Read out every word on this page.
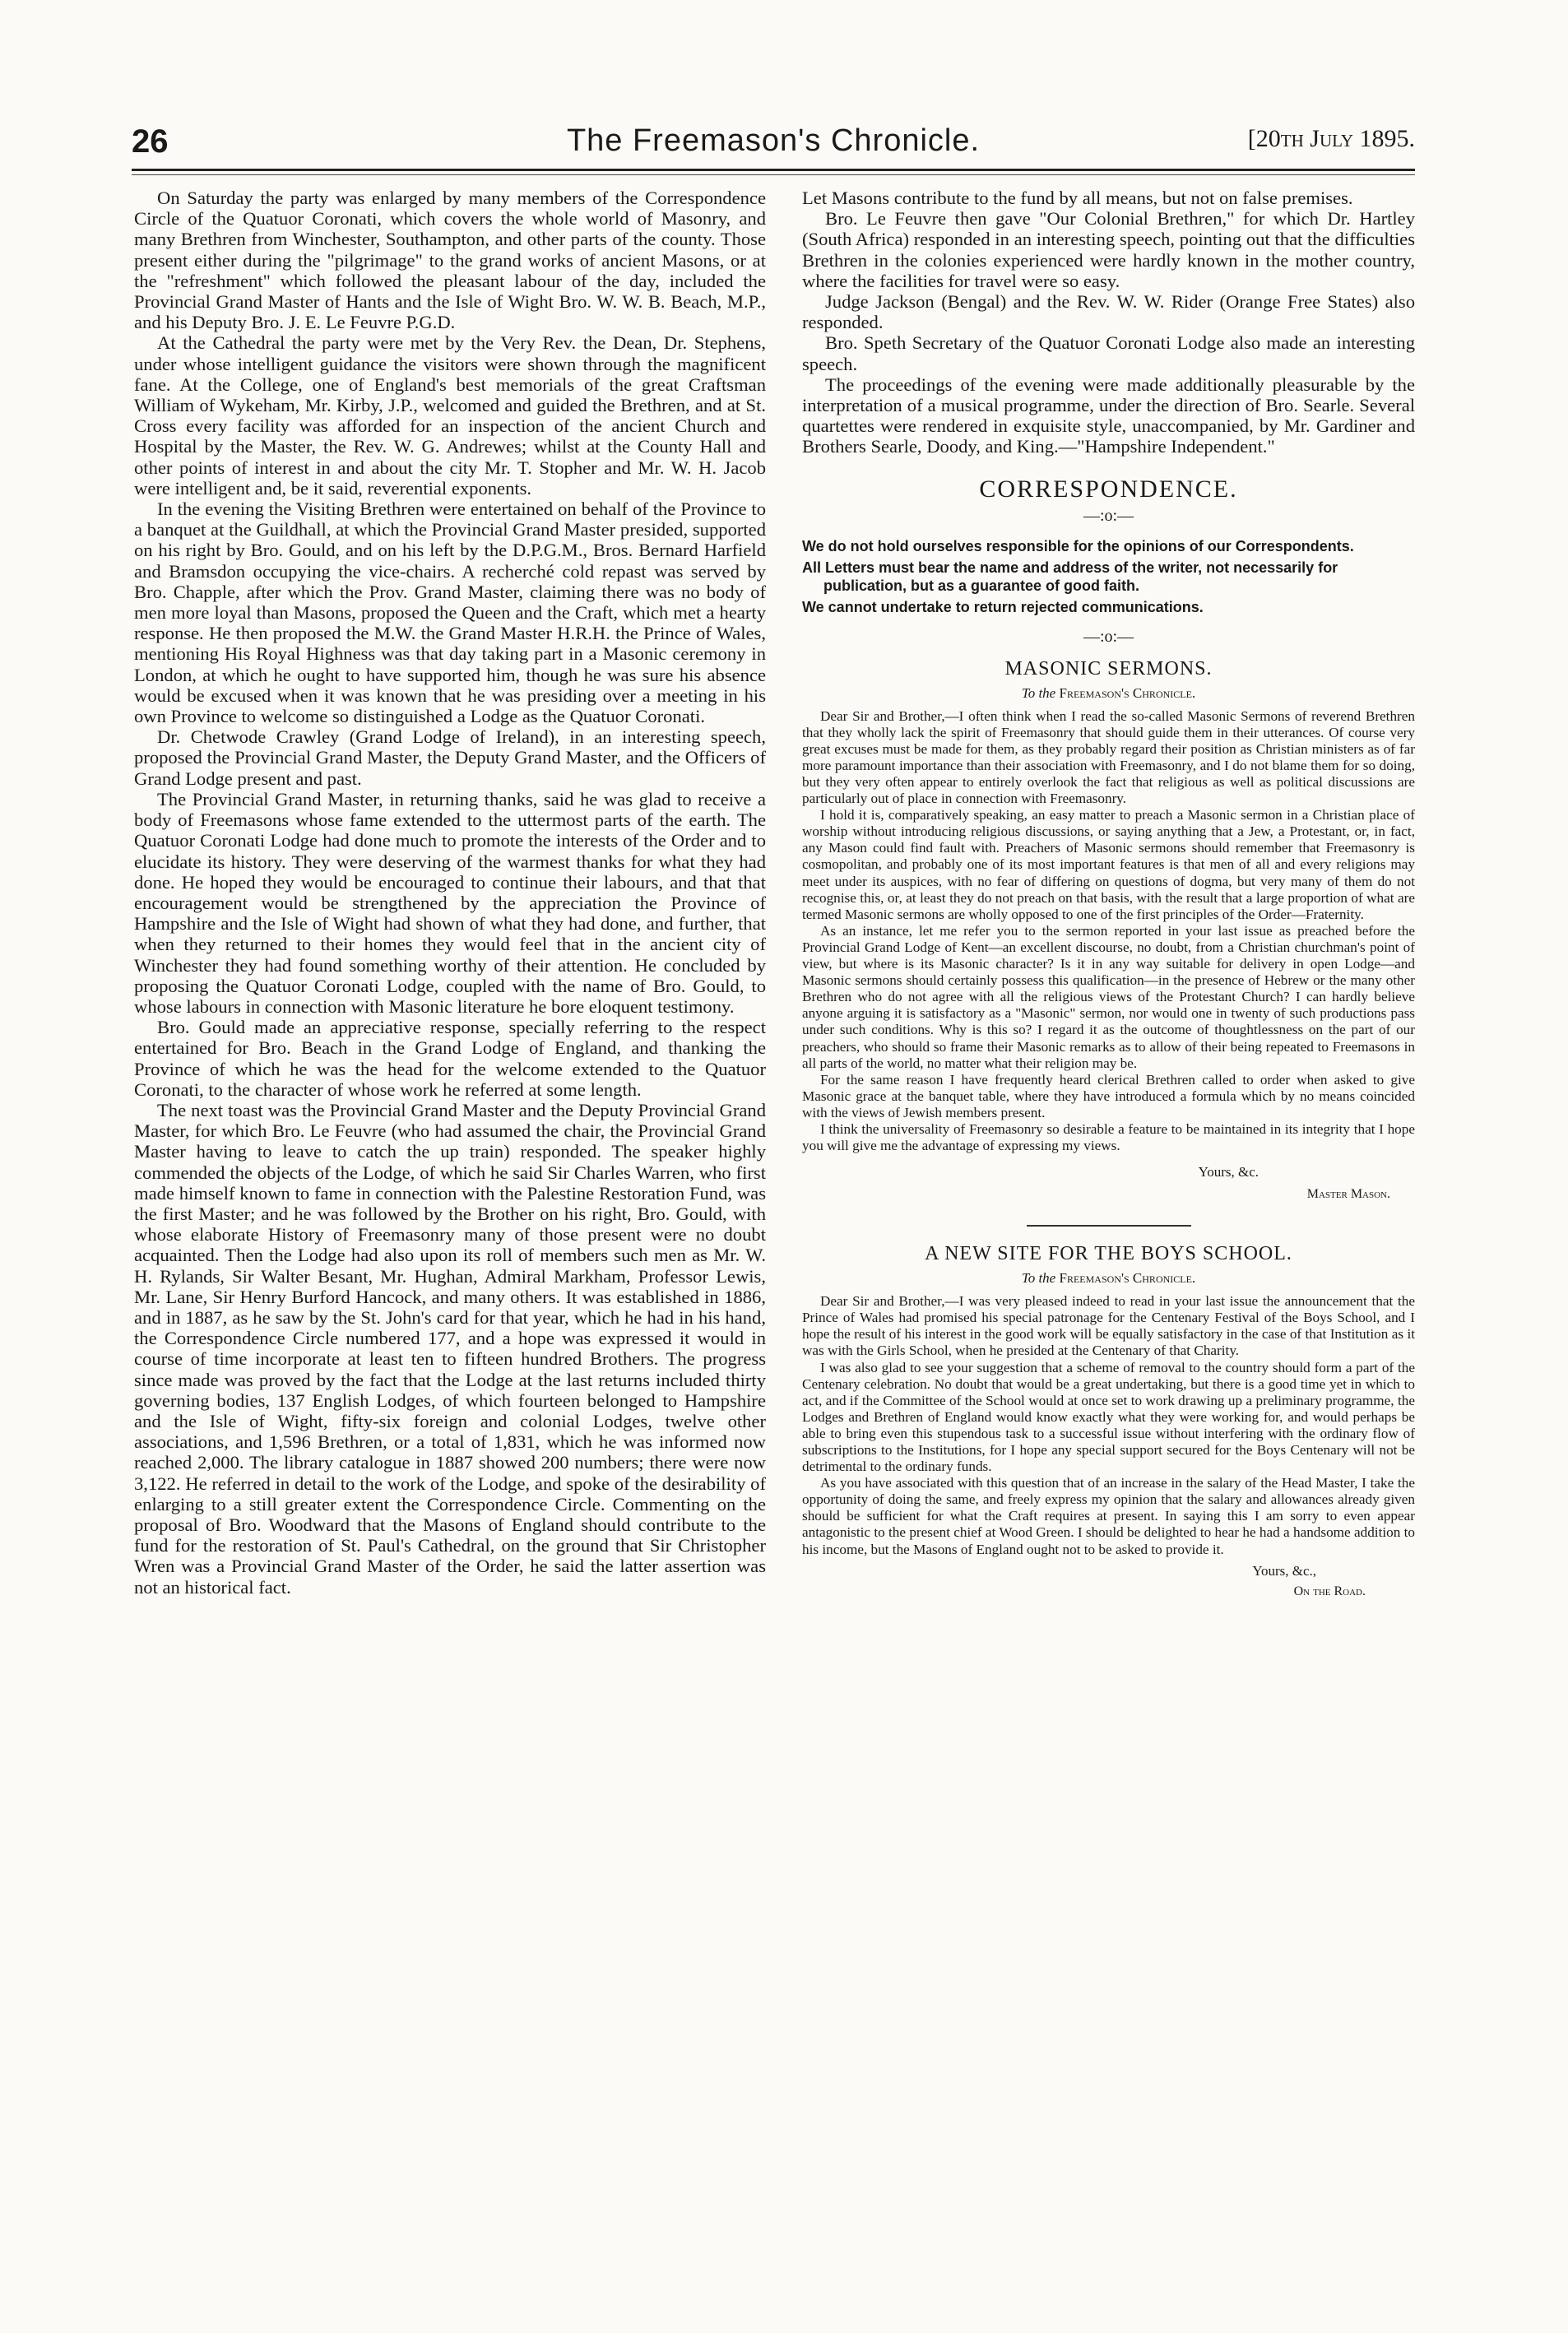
26	The Freemason's Chronicle.	[20th July 1895.

On Saturday the party was enlarged by many members of the Correspondence Circle of the Quatuor Coronati, which covers the whole world of Masonry, and many Brethren from Winchester, Southampton, and other parts of the county. Those present either during the "pilgrimage" to the grand works of ancient Masons, or at the "refreshment" which followed the pleasant labour of the day, included the Provincial Grand Master of Hants and the Isle of Wight Bro. W. W. B. Beach, M.P., and his Deputy Bro. J. E. Le Feuvre P.G.D.

At the Cathedral the party were met by the Very Rev. the Dean, Dr. Stephens, under whose intelligent guidance the visitors were shown through the magnificent fane. At the College, one of England's best memorials of the great Craftsman William of Wykeham, Mr. Kirby, J.P., welcomed and guided the Brethren, and at St. Cross every facility was afforded for an inspection of the ancient Church and Hospital by the Master, the Rev. W. G. Andrewes; whilst at the County Hall and other points of interest in and about the city Mr. T. Stopher and Mr. W. H. Jacob were intelligent and, be it said, reverential exponents.

In the evening the Visiting Brethren were entertained on behalf of the Province to a banquet at the Guildhall, at which the Provincial Grand Master presided, supported on his right by Bro. Gould, and on his left by the D.P.G.M., Bros. Bernard Harfield and Bramsdon occupying the vice-chairs. A recherché cold repast was served by Bro. Chapple, after which the Prov. Grand Master, claiming there was no body of men more loyal than Masons, proposed the Queen and the Craft, which met a hearty response. He then proposed the M.W. the Grand Master H.R.H. the Prince of Wales, mentioning His Royal Highness was that day taking part in a Masonic ceremony in London, at which he ought to have supported him, though he was sure his absence would be excused when it was known that he was presiding over a meeting in his own Province to welcome so distinguished a Lodge as the Quatuor Coronati.

Dr. Chetwode Crawley (Grand Lodge of Ireland), in an interesting speech, proposed the Provincial Grand Master, the Deputy Grand Master, and the Officers of Grand Lodge present and past.

The Provincial Grand Master, in returning thanks, said he was glad to receive a body of Freemasons whose fame extended to the uttermost parts of the earth. The Quatuor Coronati Lodge had done much to promote the interests of the Order and to elucidate its history. They were deserving of the warmest thanks for what they had done. He hoped they would be encouraged to continue their labours, and that that encouragement would be strengthened by the appreciation the Province of Hampshire and the Isle of Wight had shown of what they had done, and further, that when they returned to their homes they would feel that in the ancient city of Winchester they had found something worthy of their attention. He concluded by proposing the Quatuor Coronati Lodge, coupled with the name of Bro. Gould, to whose labours in connection with Masonic literature he bore eloquent testimony.

Bro. Gould made an appreciative response, specially referring to the respect entertained for Bro. Beach in the Grand Lodge of England, and thanking the Province of which he was the head for the welcome extended to the Quatuor Coronati, to the character of whose work he referred at some length.

The next toast was the Provincial Grand Master and the Deputy Provincial Grand Master, for which Bro. Le Feuvre (who had assumed the chair, the Provincial Grand Master having to leave to catch the up train) responded. The speaker highly commended the objects of the Lodge, of which he said Sir Charles Warren, who first made himself known to fame in connection with the Palestine Restoration Fund, was the first Master; and he was followed by the Brother on his right, Bro. Gould, with whose elaborate History of Freemasonry many of those present were no doubt acquainted. Then the Lodge had also upon its roll of members such men as Mr. W. H. Rylands, Sir Walter Besant, Mr. Hughan, Admiral Markham, Professor Lewis, Mr. Lane, Sir Henry Burford Hancock, and many others. It was established in 1886, and in 1887, as he saw by the St. John's card for that year, which he had in his hand, the Correspondence Circle numbered 177, and a hope was expressed it would in course of time incorporate at least ten to fifteen hundred Brothers. The progress since made was proved by the fact that the Lodge at the last returns included thirty governing bodies, 137 English Lodges, of which fourteen belonged to Hampshire and the Isle of Wight, fifty-six foreign and colonial Lodges, twelve other associations, and 1,596 Brethren, or a total of 1,831, which he was informed now reached 2,000. The library catalogue in 1887 showed 200 numbers; there were now 3,122. He referred in detail to the work of the Lodge, and spoke of the desirability of enlarging to a still greater extent the Correspondence Circle. Commenting on the proposal of Bro. Woodward that the Masons of England should contribute to the fund for the restoration of St. Paul's Cathedral, on the ground that Sir Christopher Wren was a Provincial Grand Master of the Order, he said the latter assertion was not an historical fact.

Let Masons contribute to the fund by all means, but not on false premises.

Bro. Le Feuvre then gave "Our Colonial Brethren," for which Dr. Hartley (South Africa) responded in an interesting speech, pointing out that the difficulties Brethren in the colonies experienced were hardly known in the mother country, where the facilities for travel were so easy.

Judge Jackson (Bengal) and the Rev. W. W. Rider (Orange Free States) also responded.

Bro. Speth Secretary of the Quatuor Coronati Lodge also made an interesting speech.

The proceedings of the evening were made additionally pleasurable by the interpretation of a musical programme, under the direction of Bro. Searle. Several quartettes were rendered in exquisite style, unaccompanied, by Mr. Gardiner and Brothers Searle, Doody, and King.—"Hampshire Independent."

CORRESPONDENCE.
—:o:—
We do not hold ourselves responsible for the opinions of our Correspondents.
All Letters must bear the name and address of the writer, not necessarily for publication, but as a guarantee of good faith.
We cannot undertake to return rejected communications.
—:o:—
MASONIC SERMONS.
To the Freemason's Chronicle.

Dear Sir and Brother,—I often think when I read the so-called Masonic Sermons of reverend Brethren that they wholly lack the spirit of Freemasonry that should guide them in their utterances. Of course very great excuses must be made for them, as they probably regard their position as Christian ministers as of far more paramount importance than their association with Freemasonry, and I do not blame them for so doing, but they very often appear to entirely overlook the fact that religious as well as political discussions are particularly out of place in connection with Freemasonry.

I hold it is, comparatively speaking, an easy matter to preach a Masonic sermon in a Christian place of worship without introducing religious discussions, or saying anything that a Jew, a Protestant, or, in fact, any Mason could find fault with. Preachers of Masonic sermons should remember that Freemasonry is cosmopolitan, and probably one of its most important features is that men of all and every religions may meet under its auspices, with no fear of differing on questions of dogma, but very many of them do not recognise this, or, at least they do not preach on that basis, with the result that a large proportion of what are termed Masonic sermons are wholly opposed to one of the first principles of the Order—Fraternity.

As an instance, let me refer you to the sermon reported in your last issue as preached before the Provincial Grand Lodge of Kent—an excellent discourse, no doubt, from a Christian churchman's point of view, but where is its Masonic character? Is it in any way suitable for delivery in open Lodge—and Masonic sermons should certainly possess this qualification—in the presence of Hebrew or the many other Brethren who do not agree with all the religious views of the Protestant Church? I can hardly believe anyone arguing it is satisfactory as a "Masonic" sermon, nor would one in twenty of such productions pass under such conditions. Why is this so? I regard it as the outcome of thoughtlessness on the part of our preachers, who should so frame their Masonic remarks as to allow of their being repeated to Freemasons in all parts of the world, no matter what their religion may be.

For the same reason I have frequently heard clerical Brethren called to order when asked to give Masonic grace at the banquet table, where they have introduced a formula which by no means coincided with the views of Jewish members present.

I think the universality of Freemasonry so desirable a feature to be maintained in its integrity that I hope you will give me the advantage of expressing my views.

Yours, &c.
Master Mason.
A NEW SITE FOR THE BOYS SCHOOL.
To the Freemason's Chronicle.

Dear Sir and Brother,—I was very pleased indeed to read in your last issue the announcement that the Prince of Wales had promised his special patronage for the Centenary Festival of the Boys School, and I hope the result of his interest in the good work will be equally satisfactory in the case of that Institution as it was with the Girls School, when he presided at the Centenary of that Charity.

I was also glad to see your suggestion that a scheme of removal to the country should form a part of the Centenary celebration. No doubt that would be a great undertaking, but there is a good time yet in which to act, and if the Committee of the School would at once set to work drawing up a preliminary programme, the Lodges and Brethren of England would know exactly what they were working for, and would perhaps be able to bring even this stupendous task to a successful issue without interfering with the ordinary flow of subscriptions to the Institutions, for I hope any special support secured for the Boys Centenary will not be detrimental to the ordinary funds.

As you have associated with this question that of an increase in the salary of the Head Master, I take the opportunity of doing the same, and freely express my opinion that the salary and allowances already given should be sufficient for what the Craft requires at present. In saying this I am sorry to even appear antagonistic to the present chief at Wood Green. I should be delighted to hear he had a handsome addition to his income, but the Masons of England ought not to be asked to provide it.

Yours, &c.,
On the Road.
